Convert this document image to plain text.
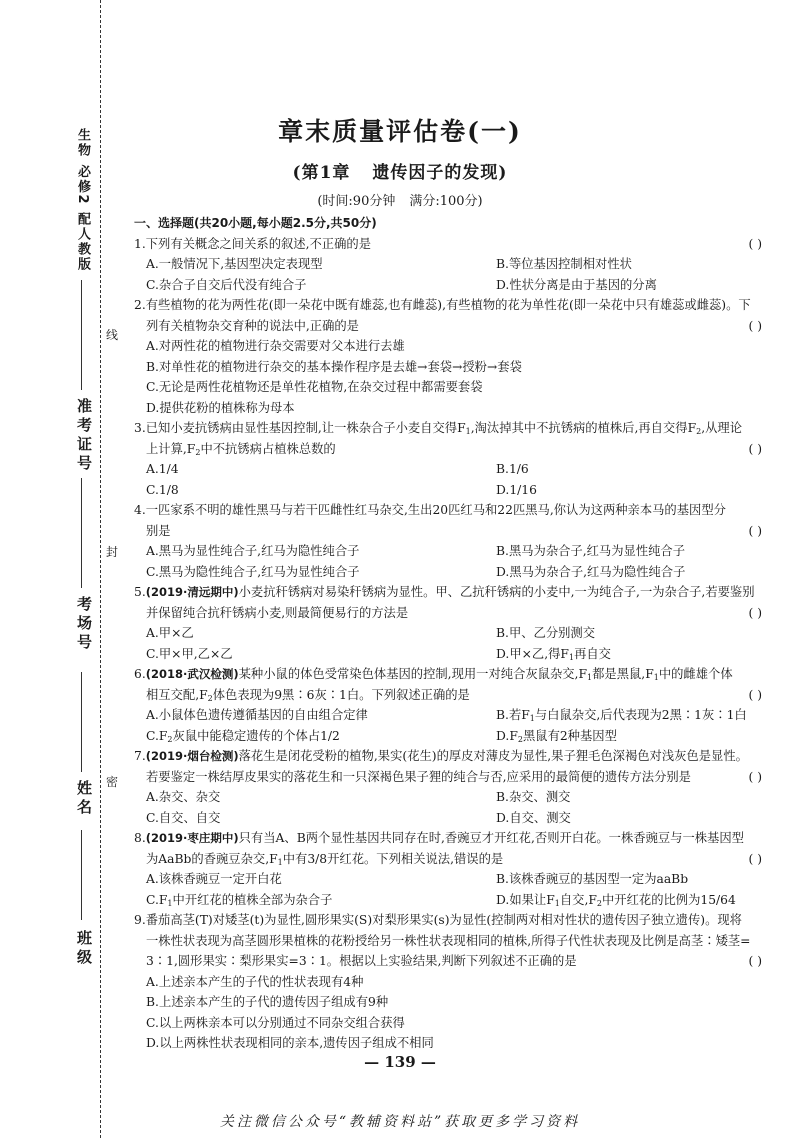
生物 必修2 配人教版
准考证号
考场号
姓名
班级
线
封
密
章末质量评估卷(一)
(第1章 遗传因子的发现)
(时间:90分钟 满分:100分)
一、选择题(共20小题,每小题2.5分,共50分)
1.下列有关概念之间关系的叙述,不正确的是	( )
A.一般情况下,基因型决定表现型	B.等位基因控制相对性状
C.杂合子自交后代没有纯合子	D.性状分离是由于基因的分离
2.有些植物的花为两性花(即一朵花中既有雄蕊,也有雌蕊),有些植物的花为单性花(即一朵花中只有雄蕊或雌蕊)。下
列有关植物杂交育种的说法中,正确的是	( )
A.对两性花的植物进行杂交需要对父本进行去雄
B.对单性花的植物进行杂交的基本操作程序是去雄→套袋→授粉→套袋
C.无论是两性花植物还是单性花植物,在杂交过程中都需要套袋
D.提供花粉的植株称为母本
3.已知小麦抗锈病由显性基因控制,让一株杂合子小麦自交得$F_1$,淘汰掉其中不抗锈病的植株后,再自交得$F_2$,从理论
上计算$,F_2$中不抗锈病占植株总数的	( )
A.1/4	B.1/6
C.1/8	D.1/16
4.一匹家系不明的雄性黑马与若干匹雌性红马杂交,生出20匹红马和22匹黑马,你认为这两种亲本马的基因型分
别是	( )
A.黑马为显性纯合子,红马为隐性纯合子	B.黑马为杂合子,红马为显性纯合子
C.黑马为隐性纯合子,红马为显性纯合子	D.黑马为杂合子,红马为隐性纯合子
5.(2019·清远期中)小麦抗秆锈病对易染秆锈病为显性。甲、乙抗秆锈病的小麦中,一为纯合子,一为杂合子,若要鉴别
并保留纯合抗秆锈病小麦,则最简便易行的方法是	( )
A.甲×乙	B.甲、乙分别测交
C.甲×甲,乙×乙	D.甲×乙,得$F_1$再自交
6.(2018·武汉检测)某种小鼠的体色受常染色体基因的控制,现用一对纯合灰鼠杂交$,F_1$都是黑鼠$,F_1$中的雌雄个体
相互交配$,F_2$体色表现为9黑∶6灰∶1白。下列叙述正确的是	( )
A.小鼠体色遗传遵循基因的自由组合定律	B.若$F_1$与白鼠杂交,后代表现为2黑∶1灰∶1白
$C.F_2$灰鼠中能稳定遗传的个体占1/2	$D.F_2$黑鼠有2种基因型
7.(2019·烟台检测)落花生是闭花受粉的植物,果实(花生)的厚皮对薄皮为显性,果子狸毛色深褐色对浅灰色是显性。
若要鉴定一株结厚皮果实的落花生和一只深褐色果子狸的纯合与否,应采用的最简便的遗传方法分别是	( )
A.杂交、杂交	B.杂交、测交
C.自交、自交	D.自交、测交
8.(2019·枣庄期中)只有当A、B两个显性基因共同存在时,香豌豆才开红花,否则开白花。一株香豌豆与一株基因型
为AaBb的香豌豆杂交$,F_1$中有3/8开红花。下列相关说法,错误的是	( )
A.该株香豌豆一定开白花	B.该株香豌豆的基因型一定为aaBb
$C.F_1$中开红花的植株全部为杂合子	D.如果让$F_1$自交$,F_2$中开红花的比例为15/64
9.番茄高茎(T)对矮茎(t)为显性,圆形果实(S)对梨形果实(s)为显性(控制两对相对性状的遗传因子独立遗传)。现将
一株性状表现为高茎圆形果植株的花粉授给另一株性状表现相同的植株,所得子代性状表现及比例是高茎∶矮茎=
3∶1,圆形果实∶梨形果实=3∶1。根据以上实验结果,判断下列叙述不正确的是	( )
A.上述亲本产生的子代的性状表现有4种
B.上述亲本产生的子代的遗传因子组成有9种
C.以上两株亲本可以分别通过不同杂交组合获得
D.以上两株性状表现相同的亲本,遗传因子组成不相同
— 139 —
关注微信公众号“教辅资料站”获取更多学习资料
